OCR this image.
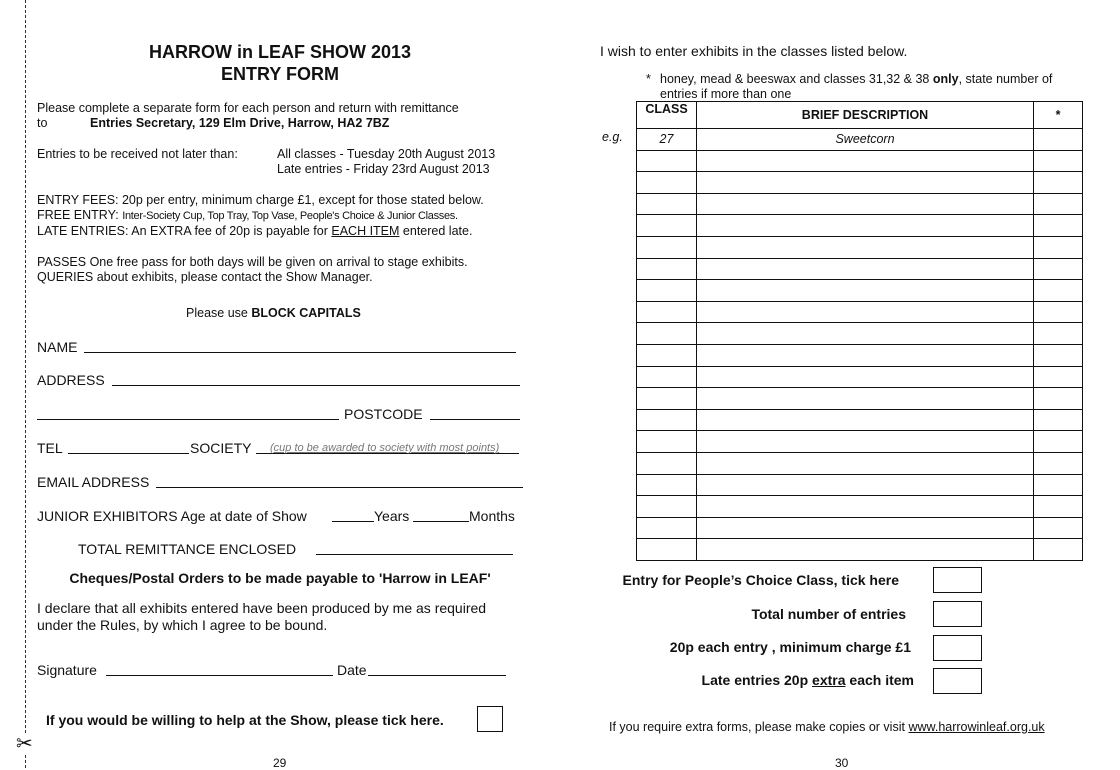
✂
HARROW in LEAF SHOW 2013
ENTRY FORM
Please complete a separate form for each person and return with remittance
to	Entries Secretary, 129 Elm Drive, Harrow, HA2 7BZ
Entries to be received not later than:	All classes - Tuesday 20th August 2013
Late entries - Friday 23rd August 2013
ENTRY FEES: 20p per entry, minimum charge £1, except for those stated below.
FREE ENTRY: Inter-Society Cup, Top Tray, Top Vase, People's Choice & Junior Classes.
LATE ENTRIES: An EXTRA fee of 20p is payable for EACH ITEM entered late.
PASSES One free pass for both days will be given on arrival to stage exhibits.
QUERIES about exhibits, please contact the Show Manager.
Please use BLOCK CAPITALS
NAME
ADDRESS
POSTCODE
TEL	SOCIETY (cup to be awarded to society with most points)
EMAIL ADDRESS
JUNIOR EXHIBITORS Age at date of Show	Years	Months
TOTAL REMITTANCE ENCLOSED
Cheques/Postal Orders to be made payable to 'Harrow in LEAF'
I declare that all exhibits entered have been produced by me as required
under the Rules, by which I agree to be bound.
Signature	Date
If you would be willing to help at the Show, please tick here.
29
I wish to enter exhibits in the classes listed below.
* honey, mead & beeswax and classes 31,32 & 38 only, state number of
entries if more than one
e.g.
CLASS	BRIEF DESCRIPTION	*
27	Sweetcorn	

Entry for People’s Choice Class, tick here
Total number of entries
20p each entry , minimum charge £1
Late entries 20p extra each item
If you require extra forms, please make copies or visit www.harrowinleaf.org.uk
30
